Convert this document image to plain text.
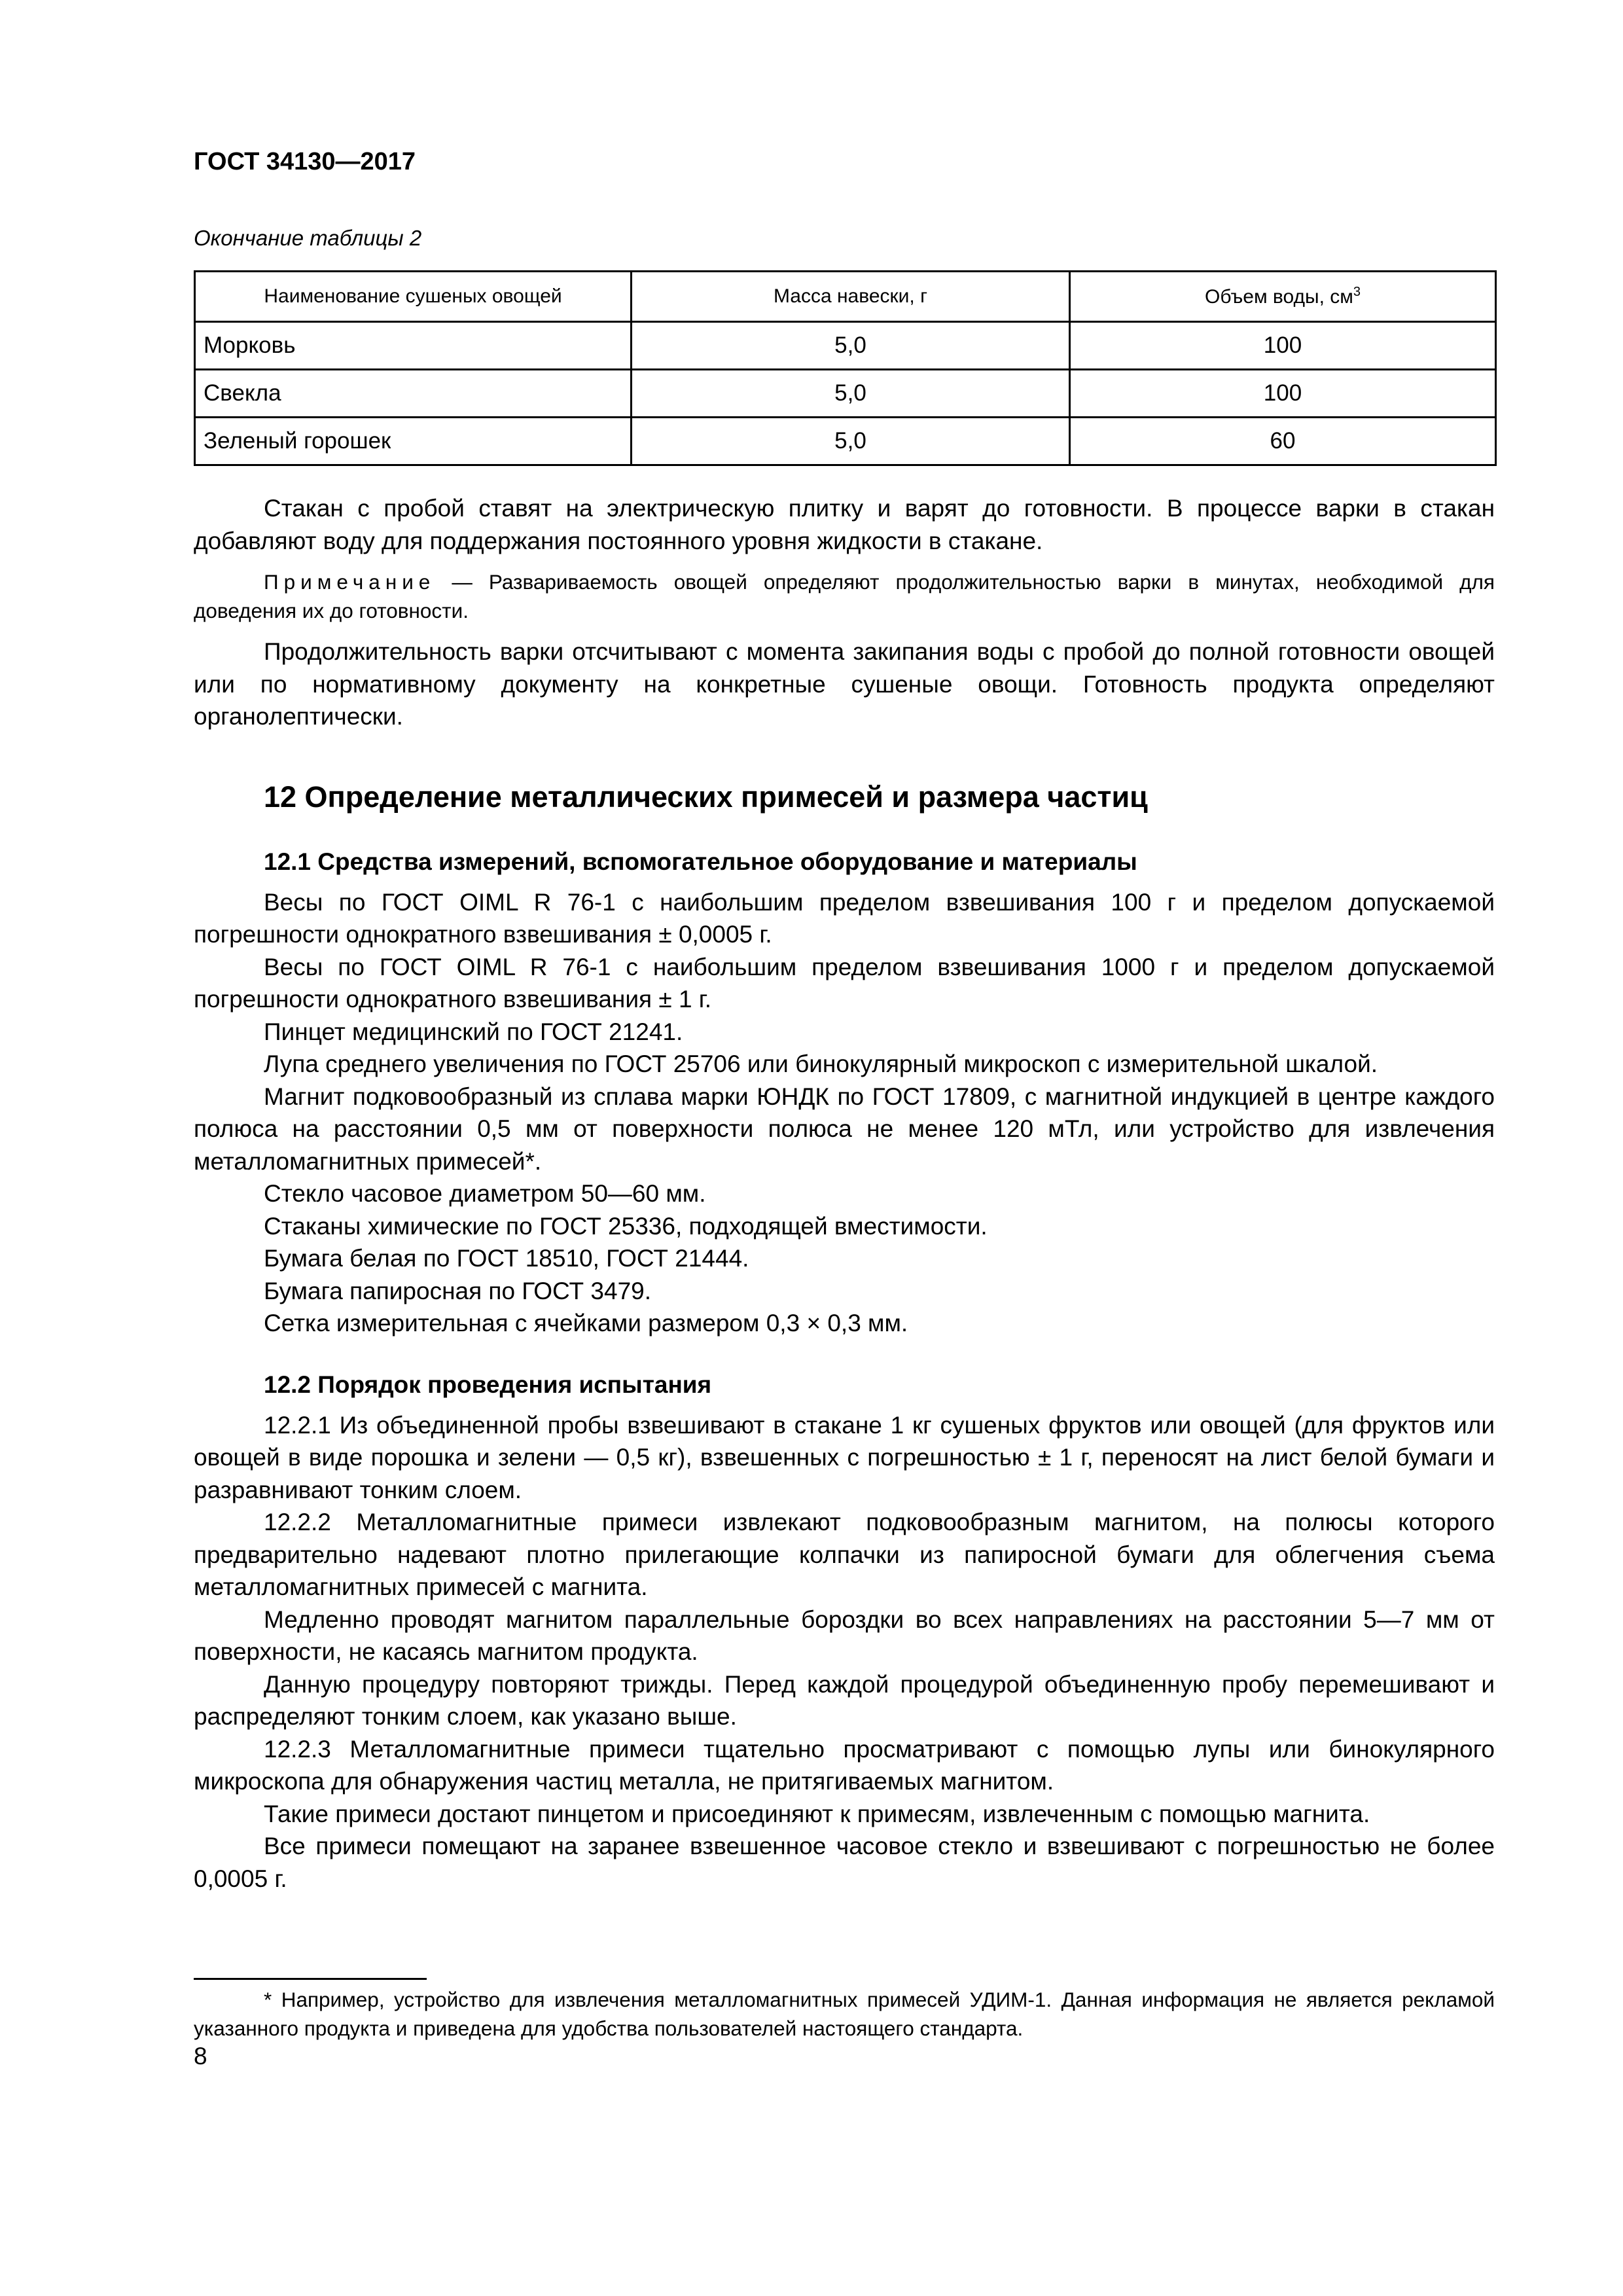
ГОСТ 34130—2017
Окончание таблицы 2
Наименование сушеных овощей	Масса навески, г	Объем воды, $см^3$
Морковь	5,0	100
Свекла	5,0	100
Зеленый горошек	5,0	60

Стакан с пробой ставят на электрическую плитку и варят до готовности. В процессе варки в стакан добавляют воду для поддержания постоянного уровня жидкости в стакане.

Примечание — Развариваемость овощей определяют продолжительностью варки в минутах, необходимой для доведения их до готовности.

Продолжительность варки отсчитывают с момента закипания воды с пробой до полной готовности овощей или по нормативному документу на конкретные сушеные овощи. Готовность продукта определяют органолептически.

12 Определение металлических примесей и размера частиц
12.1 Средства измерений, вспомогательное оборудование и материалы

Весы по ГОСТ OIML R 76-1 с наибольшим пределом взвешивания 100 г и пределом допускаемой погрешности однократного взвешивания ± 0,0005 г.

Весы по ГОСТ OIML R 76-1 с наибольшим пределом взвешивания 1000 г и пределом допускаемой погрешности однократного взвешивания ± 1 г.

Пинцет медицинский по ГОСТ 21241.

Лупа среднего увеличения по ГОСТ 25706 или бинокулярный микроскоп с измерительной шкалой.

Магнит подковообразный из сплава марки ЮНДК по ГОСТ 17809, с магнитной индукцией в центре каждого полюса на расстоянии 0,5 мм от поверхности полюса не менее 120 мТл, или устройство для извлечения металломагнитных примесей*.

Стекло часовое диаметром 50—60 мм.

Стаканы химические по ГОСТ 25336, подходящей вместимости.

Бумага белая по ГОСТ 18510, ГОСТ 21444.

Бумага папиросная по ГОСТ 3479.

Сетка измерительная с ячейками размером 0,3 × 0,3 мм.

12.2 Порядок проведения испытания

12.2.1 Из объединенной пробы взвешивают в стакане 1 кг сушеных фруктов или овощей (для фруктов или овощей в виде порошка и зелени — 0,5 кг), взвешенных с погрешностью ± 1 г, переносят на лист белой бумаги и разравнивают тонким слоем.

12.2.2 Металломагнитные примеси извлекают подковообразным магнитом, на полюсы которого предварительно надевают плотно прилегающие колпачки из папиросной бумаги для облегчения съема металломагнитных примесей с магнита.

Медленно проводят магнитом параллельные бороздки во всех направлениях на расстоянии 5—7 мм от поверхности, не касаясь магнитом продукта.

Данную процедуру повторяют трижды. Перед каждой процедурой объединенную пробу перемешивают и распределяют тонким слоем, как указано выше.

12.2.3 Металломагнитные примеси тщательно просматривают с помощью лупы или бинокулярного микроскопа для обнаружения частиц металла, не притягиваемых магнитом.

Такие примеси достают пинцетом и присоединяют к примесям, извлеченным с помощью магнита.

Все примеси помещают на заранее взвешенное часовое стекло и взвешивают с погрешностью не более 0,0005 г.

* Например, устройство для извлечения металломагнитных примесей УДИМ-1. Данная информация не является рекламой указанного продукта и приведена для удобства пользователей настоящего стандарта.

8
